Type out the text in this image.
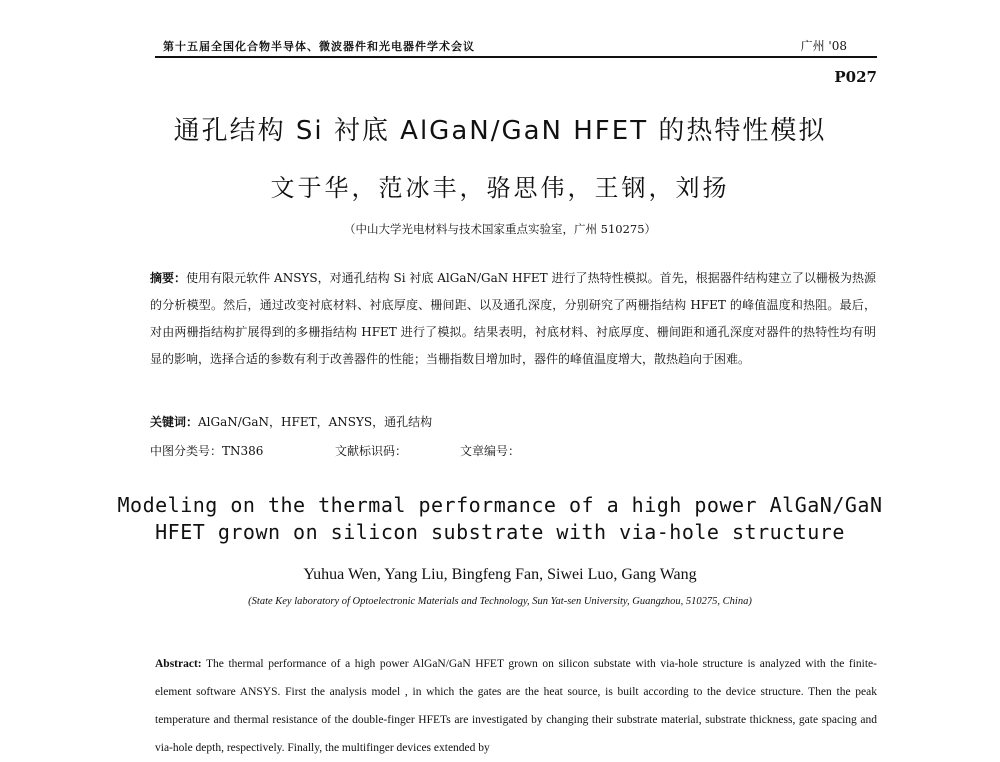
第十五届全国化合物半导体、微波器件和光电器件学术会议	广州 '08
P027
通孔结构 Si 衬底 AlGaN/GaN HFET 的热特性模拟
文于华，范冰丰，骆思伟，王钢，刘扬
（中山大学光电材料与技术国家重点实验室，广州 510275）
摘要：使用有限元软件 ANSYS，对通孔结构 Si 衬底 AlGaN/GaN HFET 进行了热特性模拟。首先，根据器件结构建立了以栅极为热源的分析模型。然后，通过改变衬底材料、衬底厚度、栅间距、以及通孔深度，分别研究了两栅指结构 HFET 的峰值温度和热阻。最后，对由两栅指结构扩展得到的多栅指结构 HFET 进行了模拟。结果表明，衬底材料、衬底厚度、栅间距和通孔深度对器件的热特性均有明显的影响，选择合适的参数有利于改善器件的性能；当栅指数目增加时，器件的峰值温度增大，散热趋向于困难。
关键词：AlGaN/GaN，HFET，ANSYS，通孔结构
中图分类号：TN386	文献标识码：	文章编号：
Modeling on the thermal performance of a high power AlGaN/GaN
HFET grown on silicon substrate with via-hole structure
Yuhua Wen, Yang Liu, Bingfeng Fan, Siwei Luo, Gang Wang
(State Key laboratory of Optoelectronic Materials and Technology, Sun Yat-sen University, Guangzhou, 510275, China)
Abstract: The thermal performance of a high power AlGaN/GaN HFET grown on silicon substate with via-hole structure is analyzed with the finite-element software ANSYS. First the analysis model , in which the gates are the heat source, is built according to the device structure. Then the peak temperature and thermal resistance of the double-finger HFETs are investigated by changing their substrate material, substrate thickness, gate spacing and via-hole depth, respectively. Finally, the multifinger devices extended by
